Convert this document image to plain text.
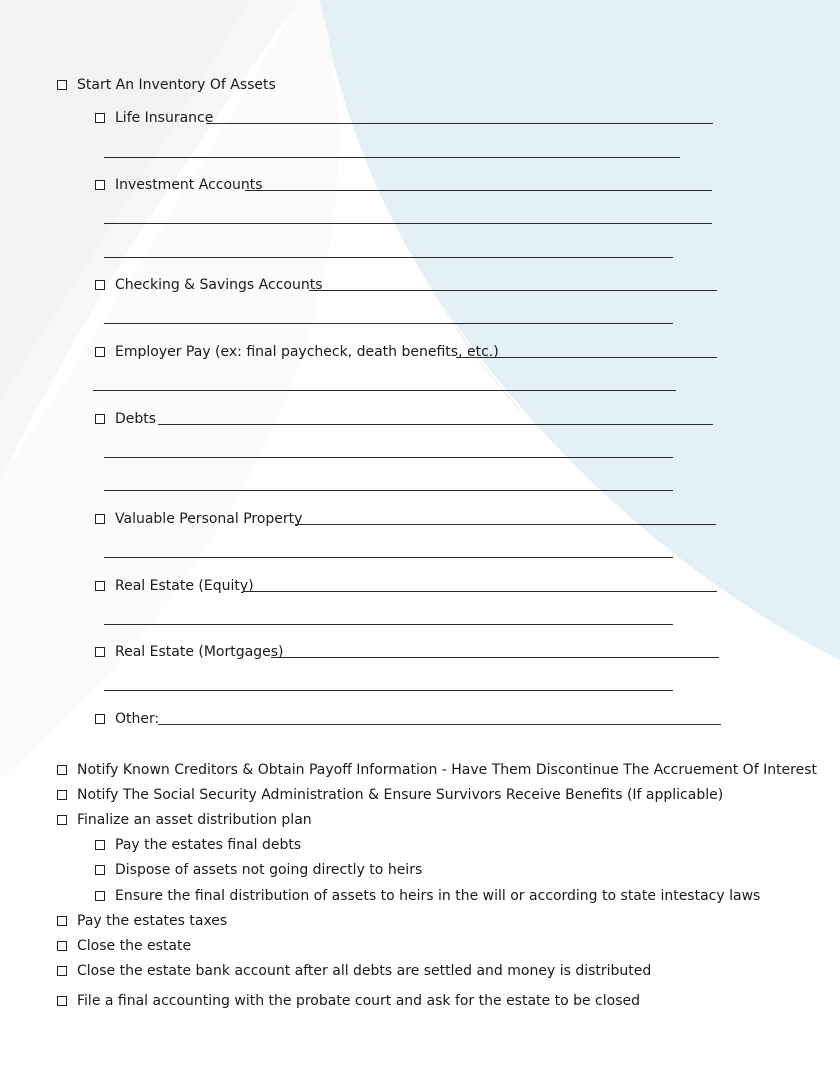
Start An Inventory Of Assets
Life Insurance
Investment Accounts
Checking & Savings Accounts
Employer Pay (ex: final paycheck, death benefits, etc.)
Debts
Valuable Personal Property
Real Estate (Equity)
Real Estate (Mortgages)
Other:
Notify Known Creditors & Obtain Payoff Information - Have Them Discontinue The Accruement Of Interest
Notify The Social Security Administration & Ensure Survivors Receive Benefits (If applicable)
Finalize an asset distribution plan
Pay the estates final debts
Dispose of assets not going directly to heirs
Ensure the final distribution of assets to heirs in the will or according to state intestacy laws
Pay the estates taxes
Close the estate
Close the estate bank account after all debts are settled and money is distributed
File a final accounting with the probate court and ask for the estate to be closed
